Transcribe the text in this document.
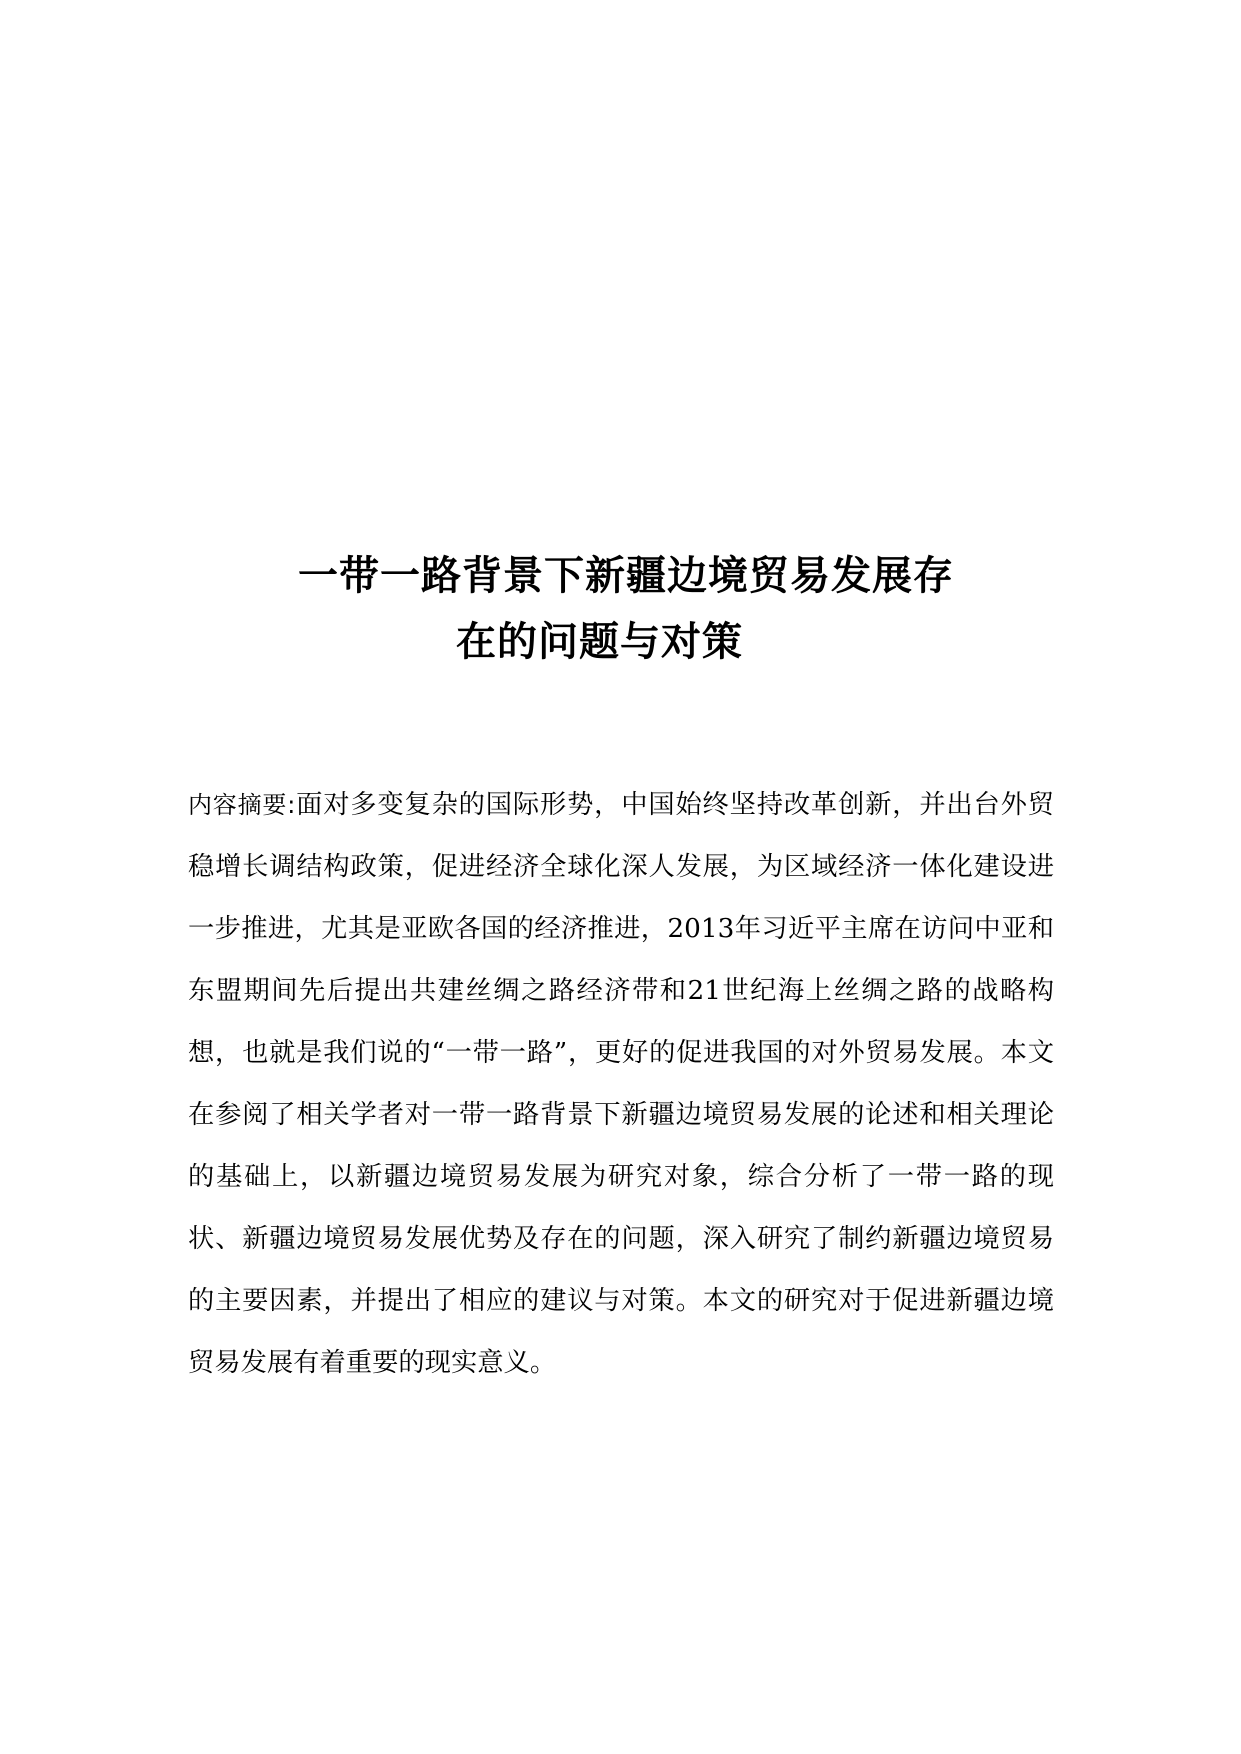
一带一路背景下新疆边境贸易发展存
在的问题与对策
内容摘要:面对多变复杂的国际形势，中国始终坚持改革创新，并出台外贸稳增长调结构政策，促进经济全球化深人发展，为区域经济一体化建设进一步推进，尤其是亚欧各国的经济推进，2013年习近平主席在访问中亚和东盟期间先后提出共建丝绸之路经济带和21世纪海上丝绸之路的战略构想，也就是我们说的“一带一路”，更好的促进我国的对外贸易发展。本文在参阅了相关学者对一带一路背景下新疆边境贸易发展的论述和相关理论的基础上，以新疆边境贸易发展为研究对象，综合分析了一带一路的现状、新疆边境贸易发展优势及存在的问题，深入研究了制约新疆边境贸易的主要因素，并提出了相应的建议与对策。本文的研究对于促进新疆边境贸易发展有着重要的现实意义。
